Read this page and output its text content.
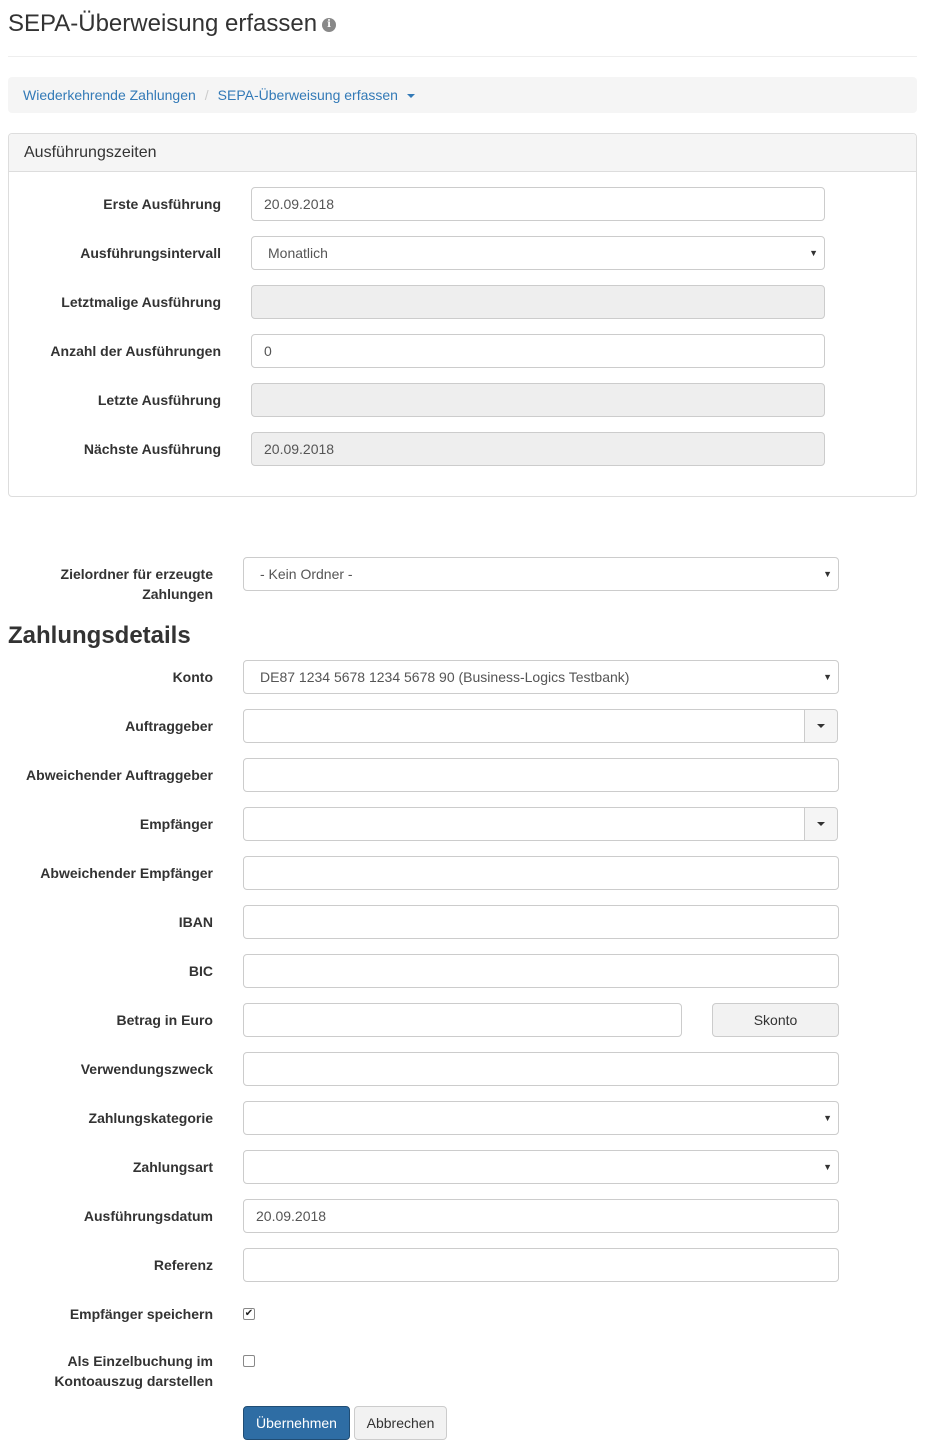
SEPA-Überweisung erfassen i
Wiederkehrende Zahlungen / SEPA-Überweisung erfassen
Ausführungszeiten
Erste Ausführung	20.09.2018
Ausführungsintervall	Monatlich	▼
Letztmalige Ausführung
Anzahl der Ausführungen	0
Letzte Ausführung
Nächste Ausführung	20.09.2018
Zielordner für erzeugte
Zahlungen
- Kein Ordner -	▼
Zahlungsdetails
Konto	DE87 1234 5678 1234 5678 90 (Business-Logics Testbank)	▼
Auftraggeber
Abweichender Auftraggeber
Empfänger
Abweichender Empfänger
IBAN
BIC
Betrag in Euro	Skonto
Verwendungszweck
Zahlungskategorie	▼
Zahlungsart	▼
Ausführungsdatum	20.09.2018
Referenz
Empfänger speichern	✔
Als Einzelbuchung im
Kontoauszug darstellen
Übernehmen	Abbrechen
